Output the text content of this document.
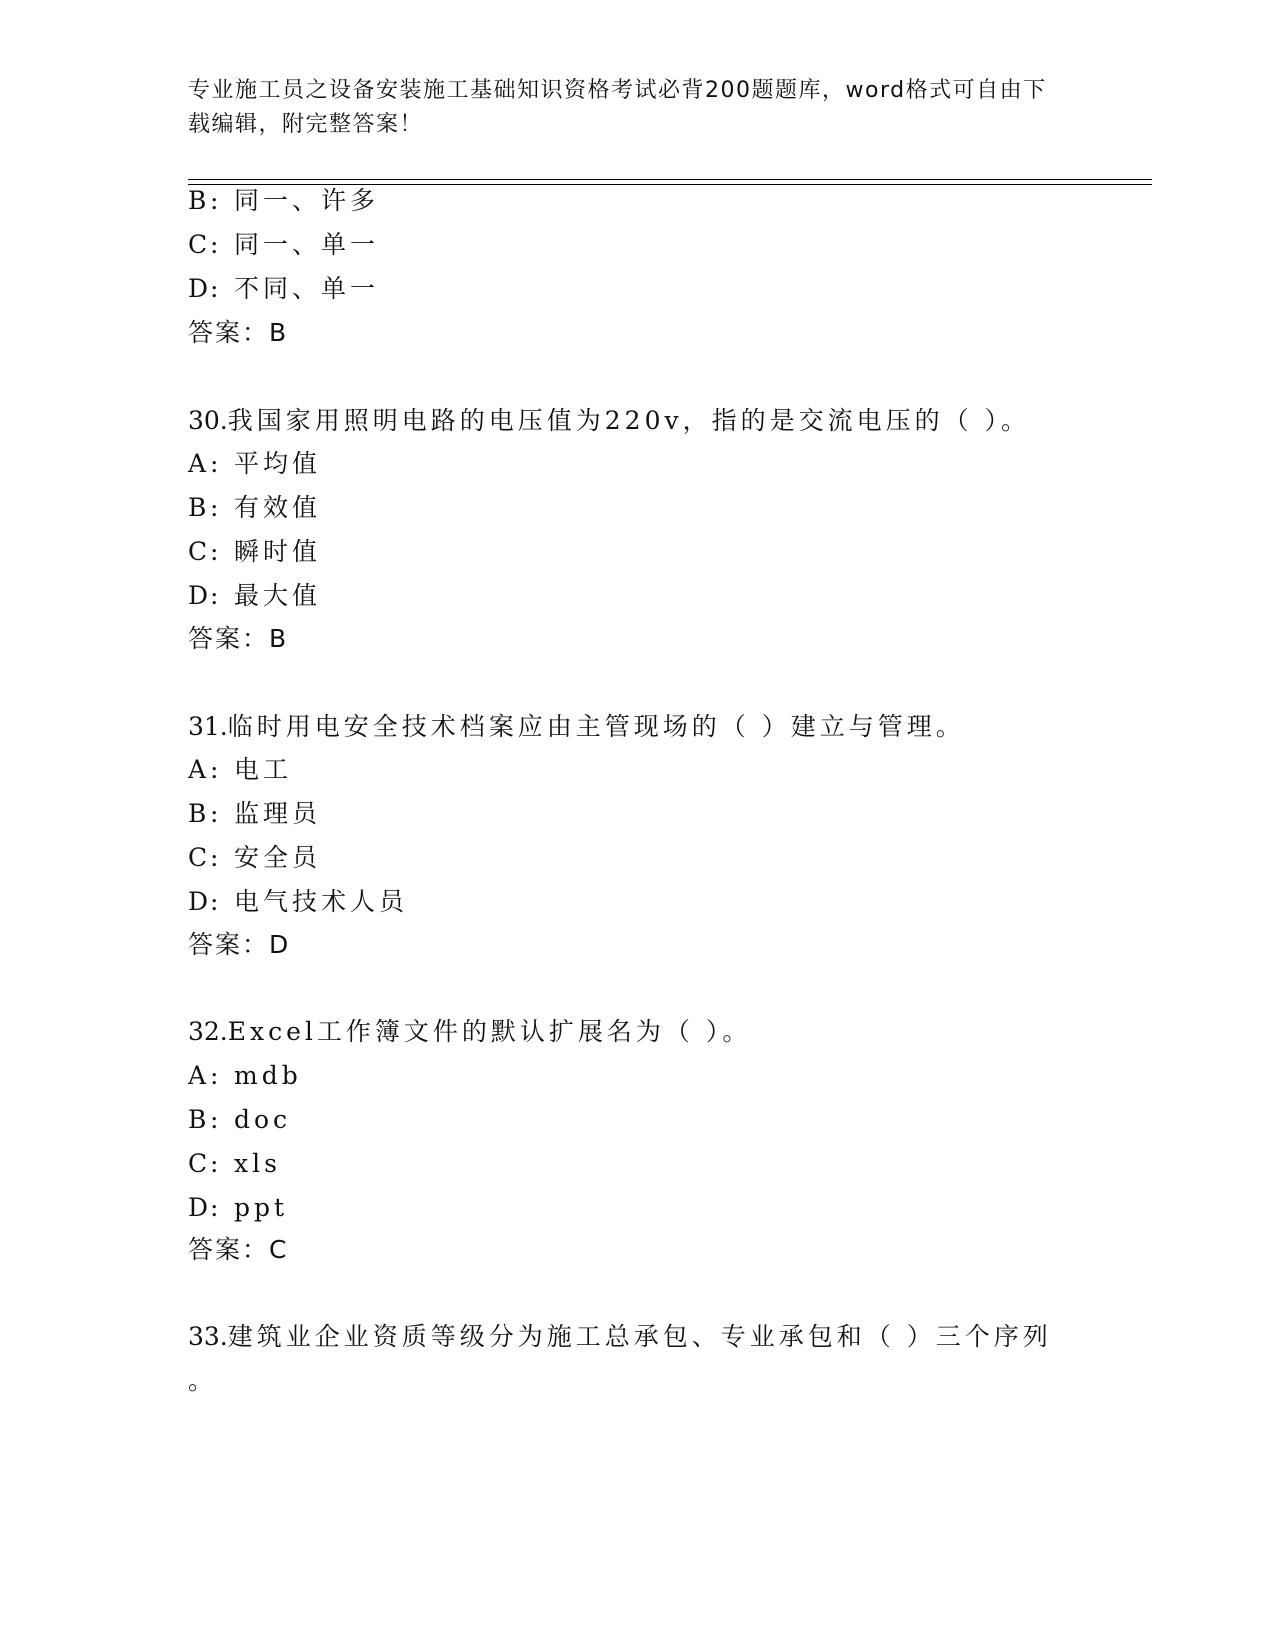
专业施工员之设备安装施工基础知识资格考试必背200题题库，word格式可自由下载编辑，附完整答案！
B : 同一、许多
C : 同一、单一
D: 不同、单一
答案：B
30.我国家用照明电路的电压值为220v，指的是交流电压的（ ）。
A : 平均值
B : 有效值
C : 瞬时值
D: 最大值
答案：B
31.临时用电安全技术档案应由主管现场的（ ）建立与管理。
A : 电工
B : 监理员
C : 安全员
D: 电气技术人员
答案：D
32.Excel工作簿文件的默认扩展名为（ ）。
A : mdb
B : doc
C : xls
D: ppt
答案：C
33.建筑业企业资质等级分为施工总承包、专业承包和（ ）三个序列
。
